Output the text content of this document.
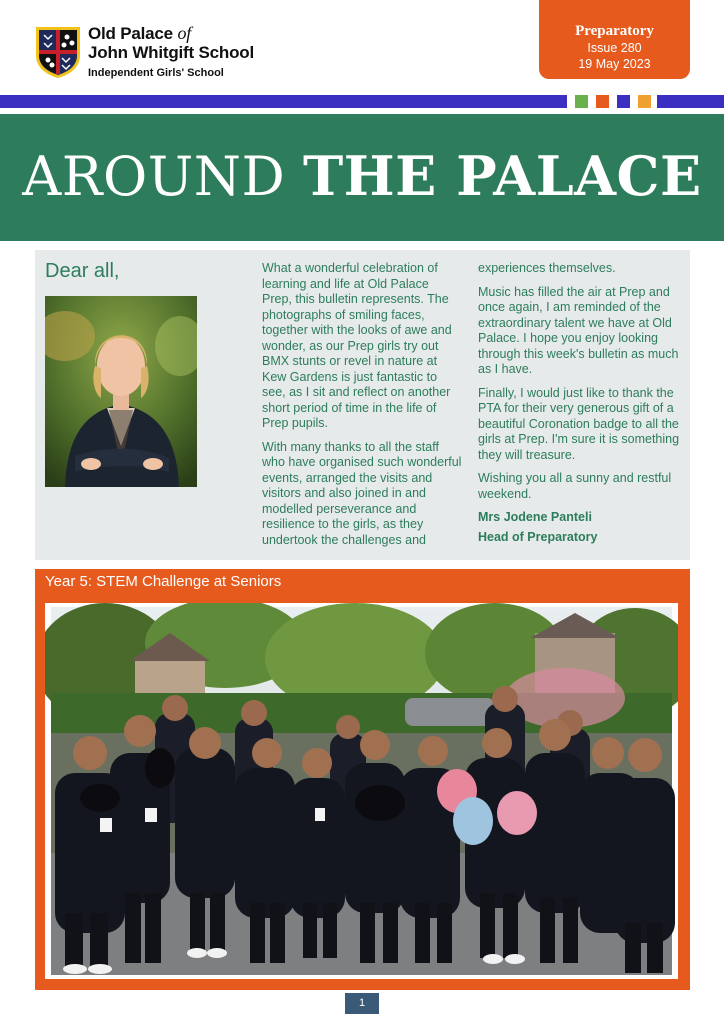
Old Palace of
John Whitgift School
Independent Girls' School
Preparatory
Issue 280
19 May 2023
AROUND THE PALACE
Dear all,	What a wonderful celebration of learning and life at Old Palace Prep, this bulletin represents. The photographs of smiling faces, together with the looks of awe and wonder, as our Prep girls try out BMX stunts or revel in nature at Kew Gardens is just fantastic to see, as I sit and reflect on another short period of time in the life of Prep pupils.

With many thanks to all the staff who have organised such wonderful events, arranged the visits and visitors and also joined in and modelled perseverance and resilience to the girls, as they undertook the challenges and

experiences themselves.

Music has filled the air at Prep and once again, I am reminded of the extraordinary talent we have at Old Palace. I hope you enjoy looking through this week's bulletin as much as I have.

Finally, I would just like to thank the PTA for their very generous gift of a beautiful Coronation badge to all the girls at Prep. I'm sure it is something they will treasure.

Wishing you all a sunny and restful weekend.

Mrs Jodene Panteli

Head of Preparatory

Year 5: STEM Challenge at Seniors
1
